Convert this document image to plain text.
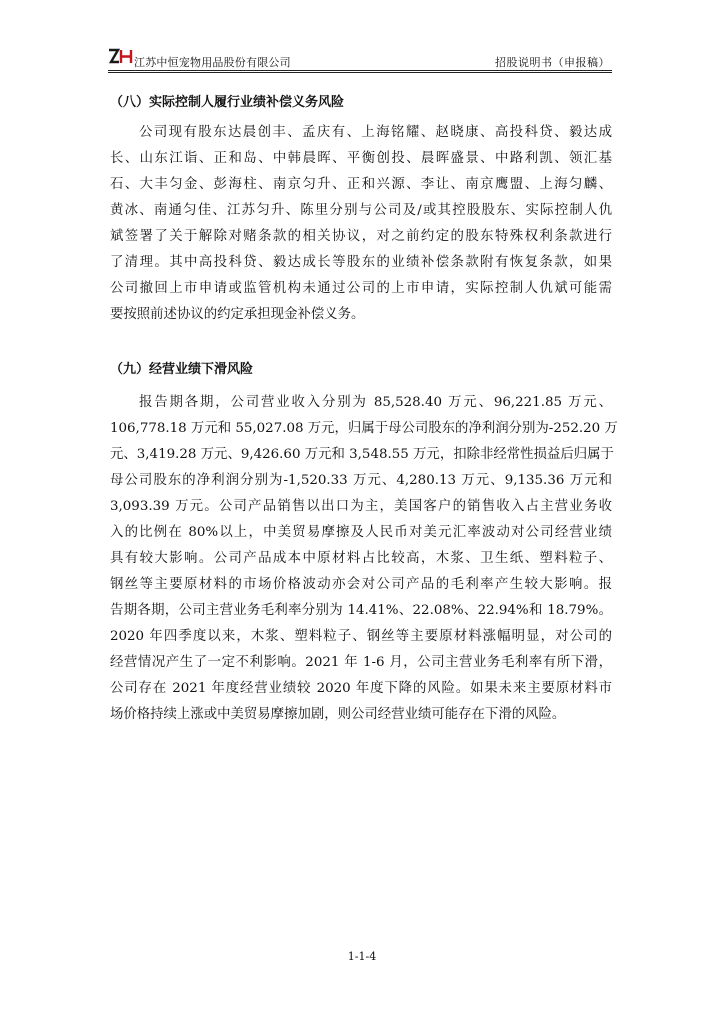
江苏中恒宠物用品股份有限公司	招股说明书（申报稿）
（八）实际控制人履行业绩补偿义务风险
公司现有股东达晨创丰、孟庆有、上海铭耀、赵晓康、高投科贷、毅达成
长、山东江诣、正和岛、中韩晨晖、平衡创投、晨晖盛景、中路利凯、领汇基
石、大丰匀金、彭海柱、南京匀升、正和兴源、李让、南京鹰盟、上海匀麟、
黄冰、南通匀佳、江苏匀升、陈里分别与公司及/或其控股股东、实际控制人仇
斌签署了关于解除对赌条款的相关协议，对之前约定的股东特殊权利条款进行
了清理。其中高投科贷、毅达成长等股东的业绩补偿条款附有恢复条款，如果
公司撤回上市申请或监管机构未通过公司的上市申请，实际控制人仇斌可能需
要按照前述协议的约定承担现金补偿义务。
（九）经营业绩下滑风险
报告期各期，公司营业收入分别为 85,528.40 万元、96,221.85 万元、
106,778.18 万元和 55,027.08 万元，归属于母公司股东的净利润分别为-252.20 万
元、3,419.28 万元、9,426.60 万元和 3,548.55 万元，扣除非经常性损益后归属于
母公司股东的净利润分别为-1,520.33 万元、4,280.13 万元、9,135.36 万元和
3,093.39 万元。公司产品销售以出口为主，美国客户的销售收入占主营业务收
入的比例在 80%以上，中美贸易摩擦及人民币对美元汇率波动对公司经营业绩
具有较大影响。公司产品成本中原材料占比较高，木浆、卫生纸、塑料粒子、
钢丝等主要原材料的市场价格波动亦会对公司产品的毛利率产生较大影响。报
告期各期，公司主营业务毛利率分别为 14.41%、22.08%、22.94%和 18.79%。
2020 年四季度以来，木浆、塑料粒子、钢丝等主要原材料涨幅明显，对公司的
经营情况产生了一定不利影响。2021 年 1-6 月，公司主营业务毛利率有所下滑，
公司存在 2021 年度经营业绩较 2020 年度下降的风险。如果未来主要原材料市
场价格持续上涨或中美贸易摩擦加剧，则公司经营业绩可能存在下滑的风险。
1-1-4
